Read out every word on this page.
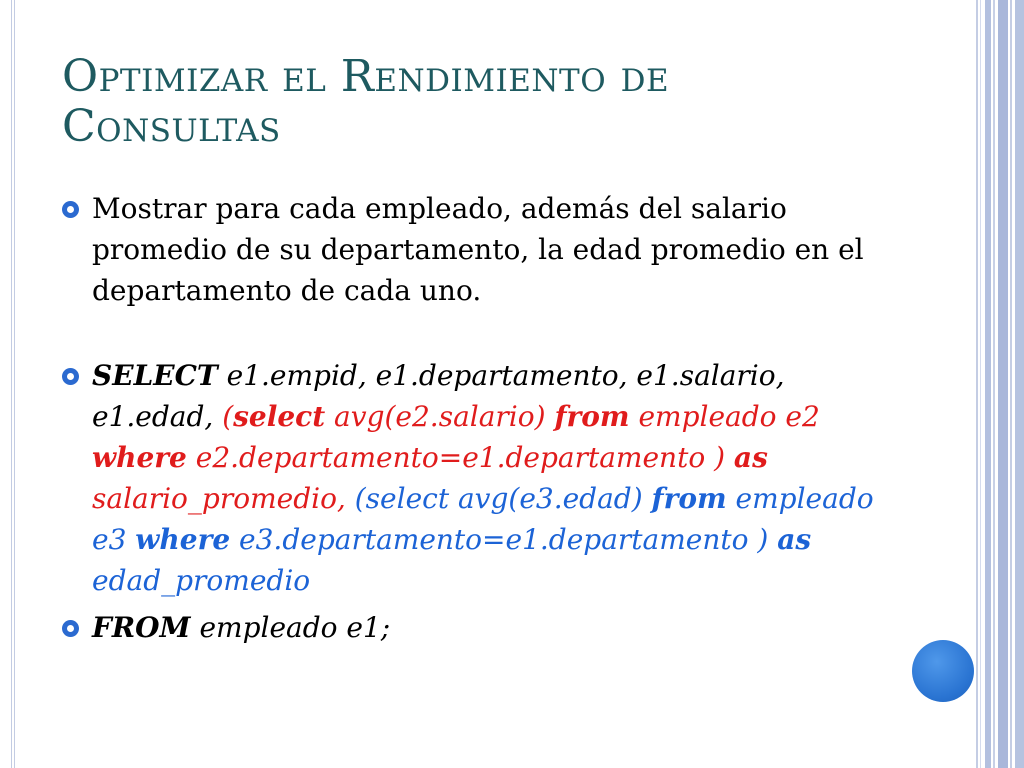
Optimizar el Rendimiento de
Consultas
Mostrar para cada empleado, además del salario promedio de su departamento, la edad promedio en el departamento de cada uno.
SELECT e1.empid, e1.departamento, e1.salario, e1.edad, (select avg(e2.salario) from empleado e2 where e2.departamento=e1.departamento ) as salario_promedio, (select avg(e3.edad) from empleado e3 where e3.departamento=e1.departamento ) as edad_promedio
FROM empleado e1;
